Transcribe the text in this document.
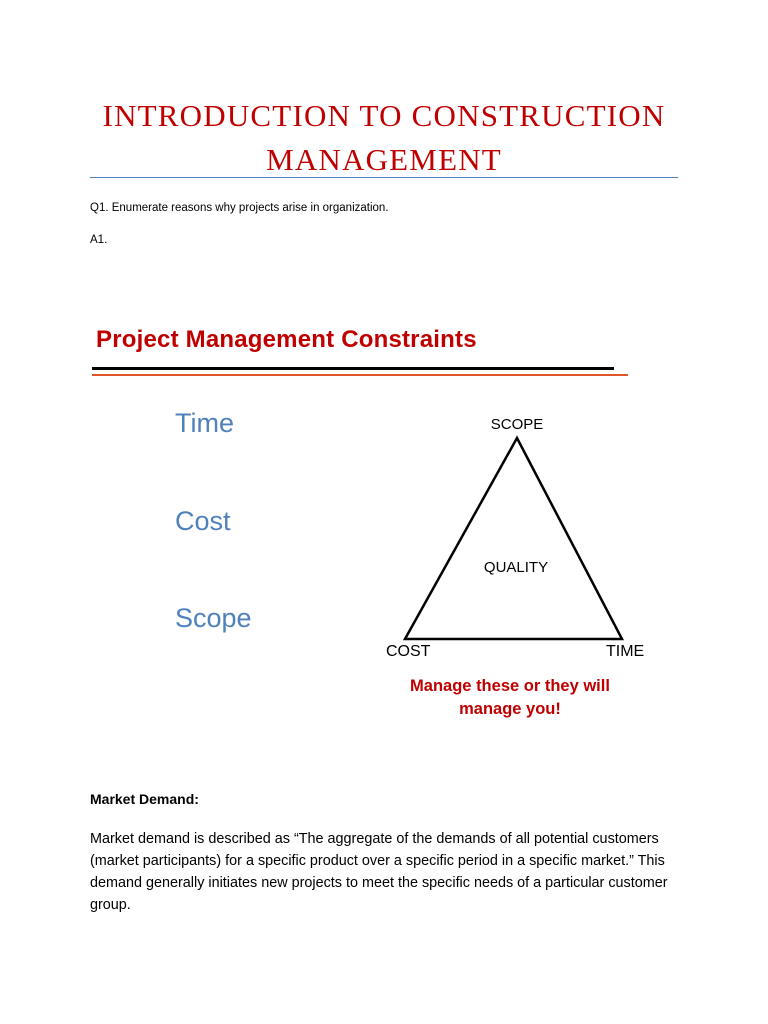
INTRODUCTION TO CONSTRUCTION MANAGEMENT
Q1. Enumerate reasons why projects arise in organization.
A1.
Project Management Constraints
Time
Cost
Scope
SCOPE
QUALITY
COST	TIME
Manage these or they will manage you!
Market Demand:
Market demand is described as “The aggregate of the demands of all potential customers (market participants) for a specific product over a specific period in a specific market.” This demand generally initiates new projects to meet the specific needs of a particular customer group.
